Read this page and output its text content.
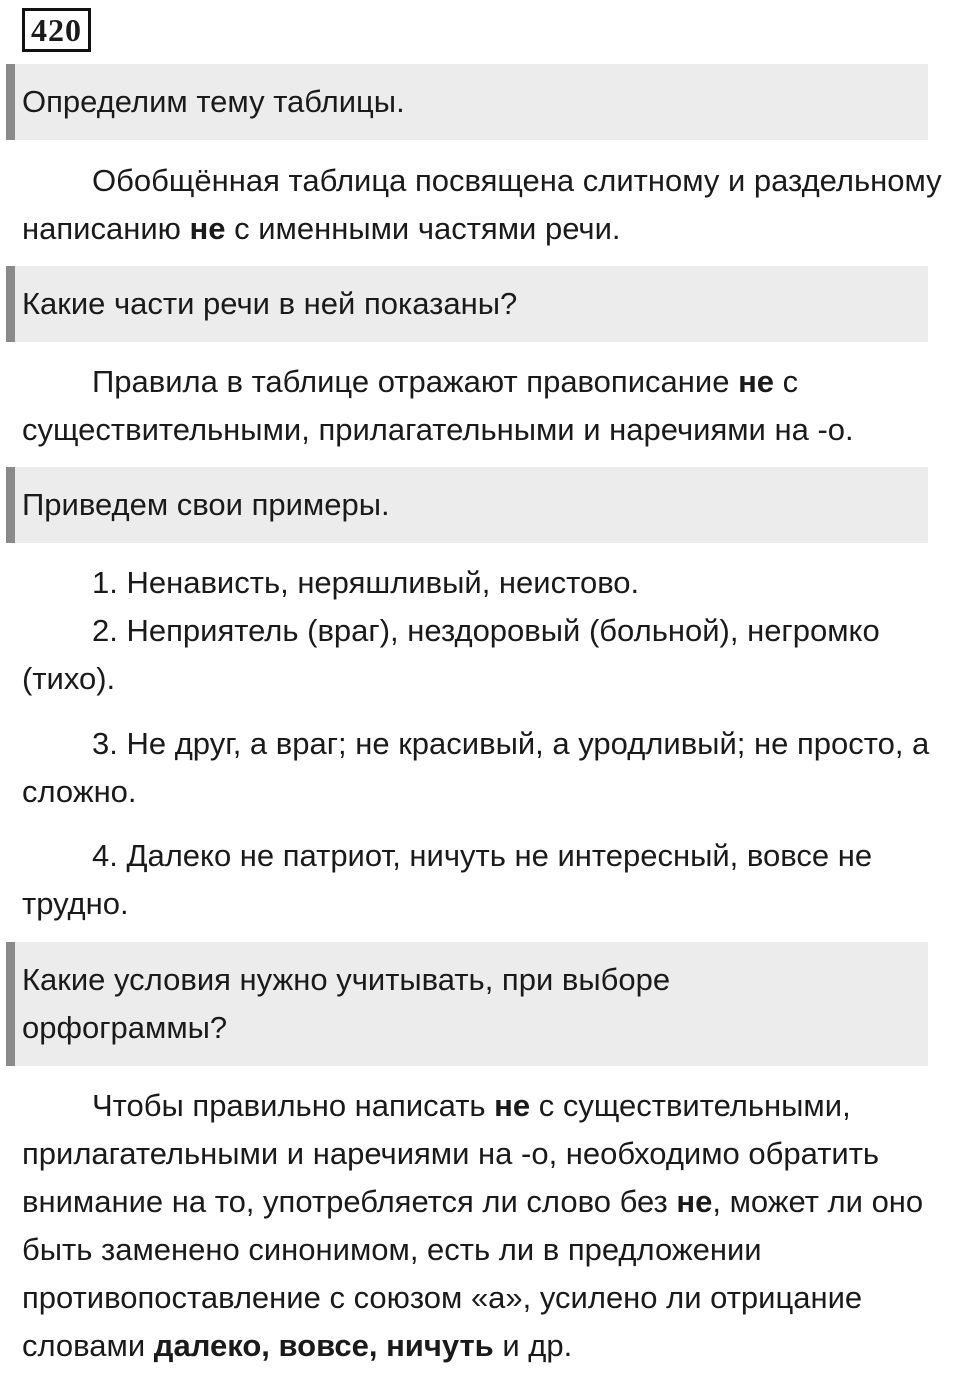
420

Определим тему таблицы.

Обобщённая таблица посвящена слитному и раздельному написанию не с именными частями речи.

Какие части речи в ней показаны?

Правила в таблице отражают правописание не с существительными, прилагательными и наречиями на -о.

Приведем свои примеры.

1. Ненависть, неряшливый, неистово.

2. Неприятель (враг), нездоровый (больной), негромко (тихо).

3. Не друг, а враг; не красивый, а уродливый; не просто, а сложно.

4. Далеко не патриот, ничуть не интересный, вовсе не трудно.

Какие условия нужно учитывать, при выборе орфограммы?

Чтобы правильно написать не с существительными, прилагательными и наречиями на -о, необходимо обратить внимание на то, употребляется ли слово без не, может ли оно быть заменено синонимом, есть ли в предложении противопоставление с союзом «а», усилено ли отрицание словами далеко, вовсе, ничуть и др.
